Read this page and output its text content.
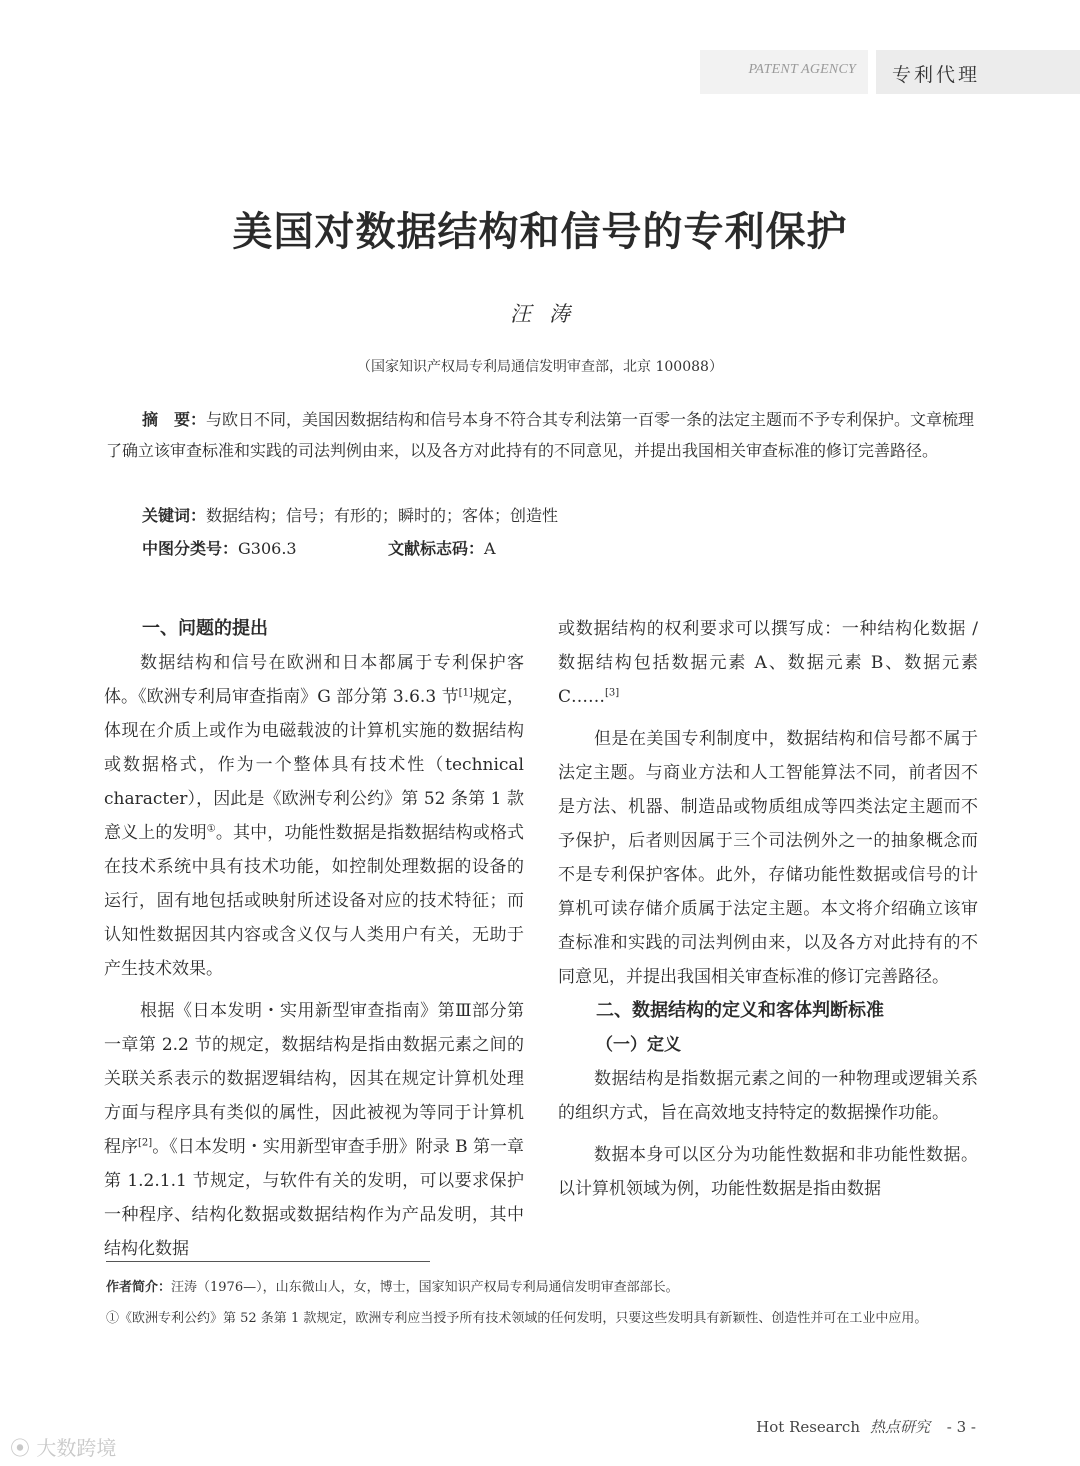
PATENT AGENCY 专利代理
美国对数据结构和信号的专利保护
汪涛
（国家知识产权局专利局通信发明审查部，北京 100088）

摘　要：与欧日不同，美国因数据结构和信号本身不符合其专利法第一百零一条的法定主题而不予专利保护。文章梳理了确立该审查标准和实践的司法判例由来，以及各方对此持有的不同意见，并提出我国相关审查标准的修订完善路径。

关键词：数据结构；信号；有形的；瞬时的；客体；创造性
中图分类号：G306.3	文献标志码：A
一、问题的提出

数据结构和信号在欧洲和日本都属于专利保护客体。《欧洲专利局审查指南》G 部分第 3.6.3 节[1]规定，体现在介质上或作为电磁载波的计算机实施的数据结构或数据格式，作为一个整体具有技术性（technical character），因此是《欧洲专利公约》第 52 条第 1 款意义上的发明①。其中，功能性数据是指数据结构或格式在技术系统中具有技术功能，如控制处理数据的设备的运行，固有地包括或映射所述设备对应的技术特征；而认知性数据因其内容或含义仅与人类用户有关，无助于产生技术效果。

根据《日本发明・实用新型审查指南》第Ⅲ部分第一章第 2.2 节的规定，数据结构是指由数据元素之间的关联关系表示的数据逻辑结构，因其在规定计算机处理方面与程序具有类似的属性，因此被视为等同于计算机程序[2]。《日本发明・实用新型审查手册》附录 B 第一章第 1.2.1.1 节规定，与软件有关的发明，可以要求保护一种程序、结构化数据或数据结构作为产品发明，其中结构化数据

或数据结构的权利要求可以撰写成：一种结构化数据 / 数据结构包括数据元素 A、数据元素 B、数据元素 C……[3]

但是在美国专利制度中，数据结构和信号都不属于法定主题。与商业方法和人工智能算法不同，前者因不是方法、机器、制造品或物质组成等四类法定主题而不予保护，后者则因属于三个司法例外之一的抽象概念而不是专利保护客体。此外，存储功能性数据或信号的计算机可读存储介质属于法定主题。本文将介绍确立该审查标准和实践的司法判例由来，以及各方对此持有的不同意见，并提出我国相关审查标准的修订完善路径。

二、数据结构的定义和客体判断标准
（一）定义

数据结构是指数据元素之间的一种物理或逻辑关系的组织方式，旨在高效地支持特定的数据操作功能。

数据本身可以区分为功能性数据和非功能性数据。以计算机领域为例，功能性数据是指由数据

作者简介：汪涛（1976—），山东微山人，女，博士，国家知识产权局专利局通信发明审查部部长。
①《欧洲专利公约》第 52 条第 1 款规定，欧洲专利应当授予所有技术领域的任何发明，只要这些发明具有新颖性、创造性并可在工业中应用。
Hot Research 热点研究 - 3 -
⦿ 大数跨境
